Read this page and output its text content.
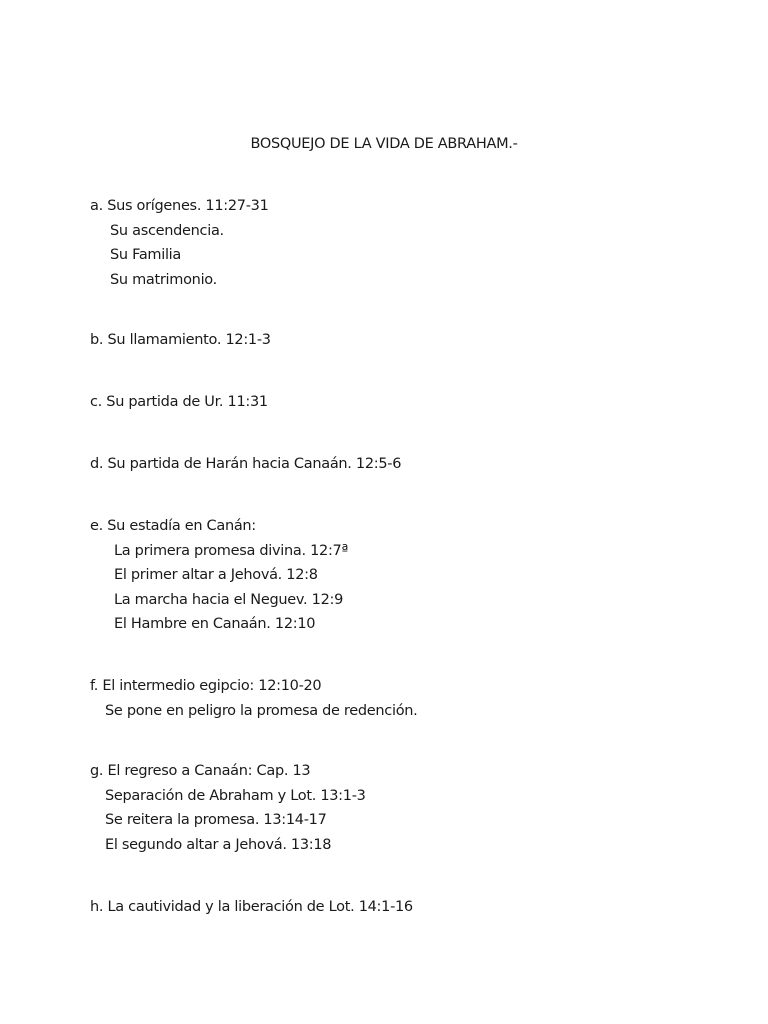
BOSQUEJO DE LA VIDA DE ABRAHAM.-
a. Sus orígenes. 11:27-31
Su ascendencia.
Su Familia
Su matrimonio.
b. Su llamamiento. 12:1-3
c. Su partida de Ur. 11:31
d. Su partida de Harán hacia Canaán. 12:5-6
e. Su estadía en Canán:
La primera promesa divina. 12:7ª
El primer altar a Jehová. 12:8
La marcha hacia el Neguev. 12:9
El Hambre en Canaán. 12:10
f. El intermedio egipcio: 12:10-20
Se pone en peligro la promesa de redención.
g. El regreso a Canaán: Cap. 13
Separación de Abraham y Lot. 13:1-3
Se reitera la promesa. 13:14-17
El segundo altar a Jehová. 13:18
h. La cautividad y la liberación de Lot. 14:1-16
